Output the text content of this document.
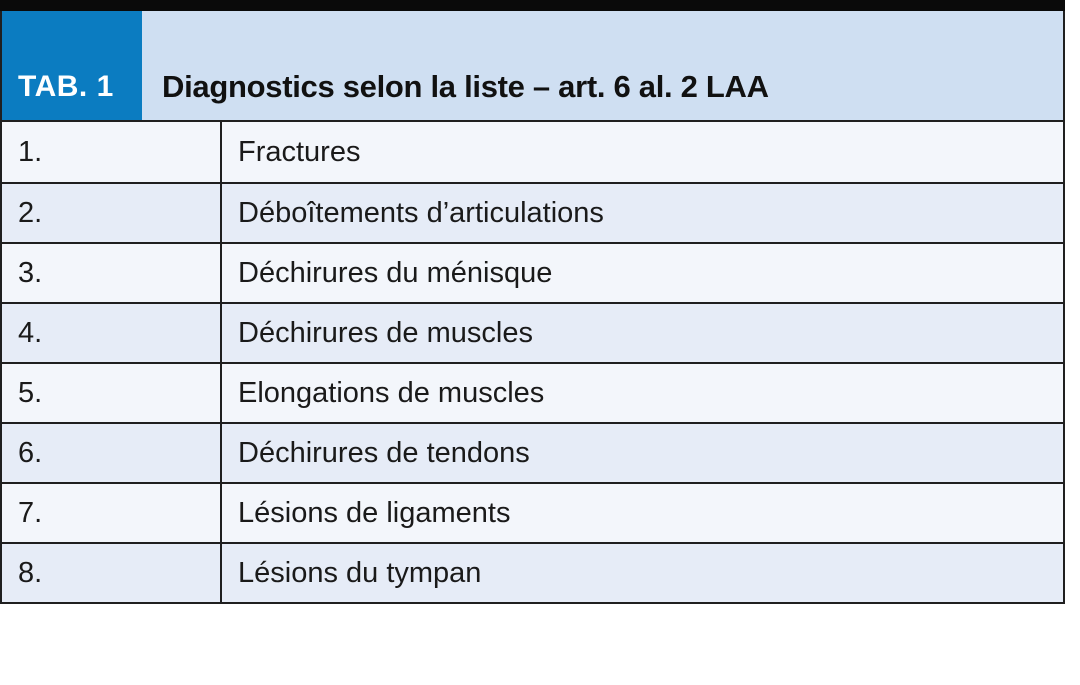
TAB. 1 Diagnostics selon la liste – art. 6 al. 2 LAA
1.	Fractures
2.	Déboîtements d’articulations
3.	Déchirures du ménisque
4.	Déchirures de muscles
5.	Elongations de muscles
6.	Déchirures de tendons
7.	Lésions de ligaments
8.	Lésions du tympan
